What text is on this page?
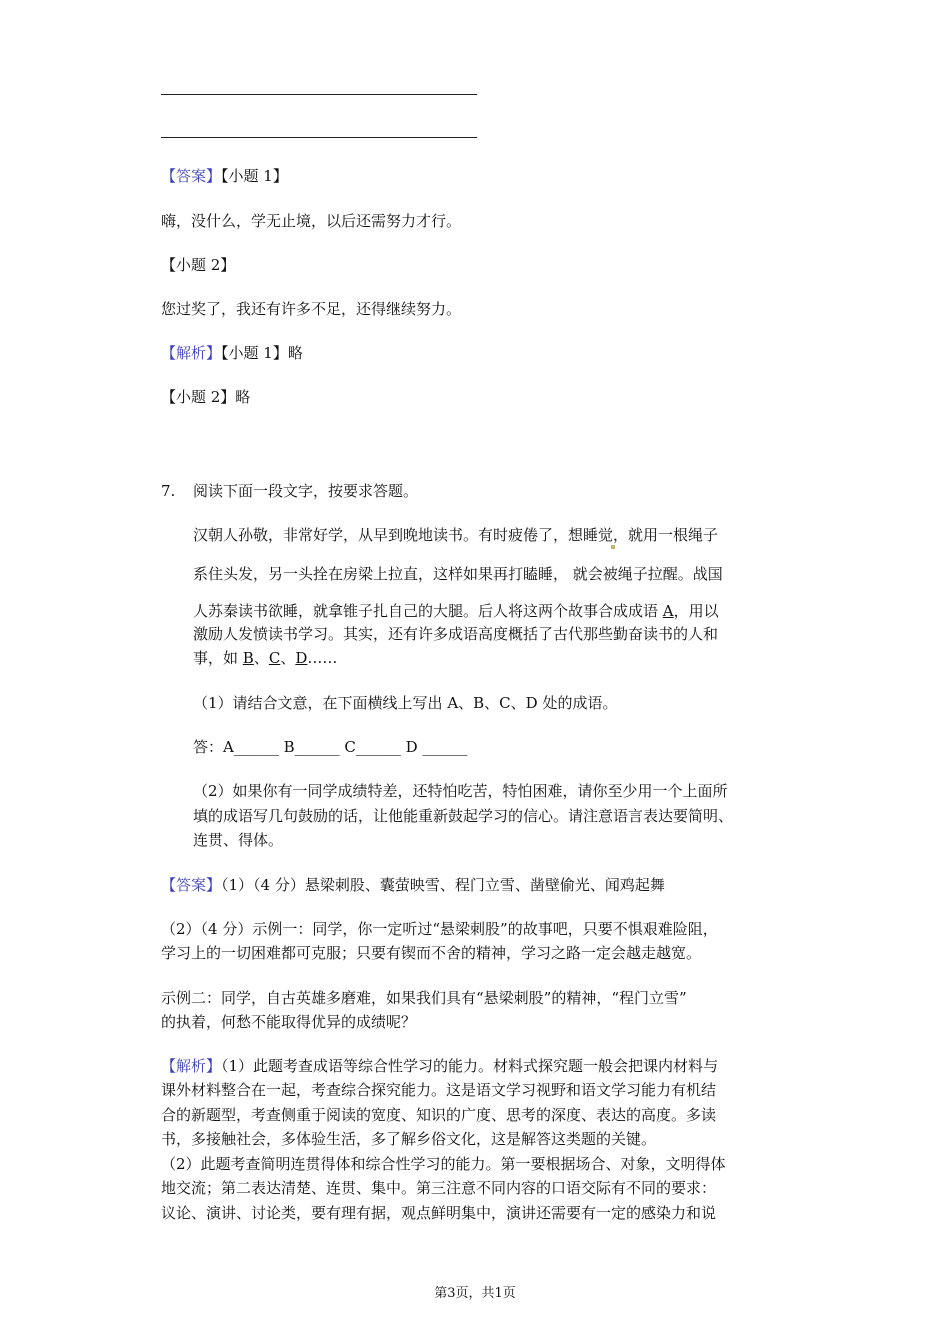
【答案】【小题 1】
嗨，没什么，学无止境，以后还需努力才行。
【小题 2】
您过奖了，我还有许多不足，还得继续努力。
【解析】【小题 1】略
【小题 2】略
7. 阅读下面一段文字，按要求答题。
汉朝人孙敬，非常好学，从早到晚地读书。有时疲倦了，想睡觉，就用一根绳子
系住头发，另一头拴在房梁上拉直，这样如果再打瞌睡， 就会被绳子拉醒。战国
人苏秦读书欲睡，就拿锥子扎自己的大腿。后人将这两个故事合成成语 A，用以
激励人发愤读书学习。其实，还有许多成语高度概括了古代那些勤奋读书的人和
事，如 B、C、D……
（1）请结合文意，在下面横线上写出 A、B、C、D 处的成语。
答：A______ B______ C______ D ______
（2）如果你有一同学成绩特差，还特怕吃苦，特怕困难，请你至少用一个上面所
填的成语写几句鼓励的话，让他能重新鼓起学习的信心。请注意语言表达要简明、
连贯、得体。
【答案】（1）（4 分）悬梁刺股、囊萤映雪、程门立雪、凿壁偷光、闻鸡起舞
（2）（4 分）示例一：同学，你一定听过“悬梁刺股”的故事吧，只要不惧艰难险阻，
学习上的一切困难都可克服；只要有锲而不舍的精神，学习之路一定会越走越宽。
示例二：同学，自古英雄多磨难，如果我们具有“悬梁刺股”的精神，“程门立雪”
的执着，何愁不能取得优异的成绩呢？
【解析】（1）此题考查成语等综合性学习的能力。材料式探究题一般会把课内材料与
课外材料整合在一起，考查综合探究能力。这是语文学习视野和语文学习能力有机结
合的新题型，考查侧重于阅读的宽度、知识的广度、思考的深度、表达的高度。多读
书，多接触社会，多体验生活，多了解乡俗文化，这是解答这类题的关键。
（2）此题考查简明连贯得体和综合性学习的能力。第一要根据场合、对象，文明得体
地交流；第二表达清楚、连贯、集中。第三注意不同内容的口语交际有不同的要求：
议论、演讲、讨论类，要有理有据，观点鲜明集中，演讲还需要有一定的感染力和说
第3页，共1页
